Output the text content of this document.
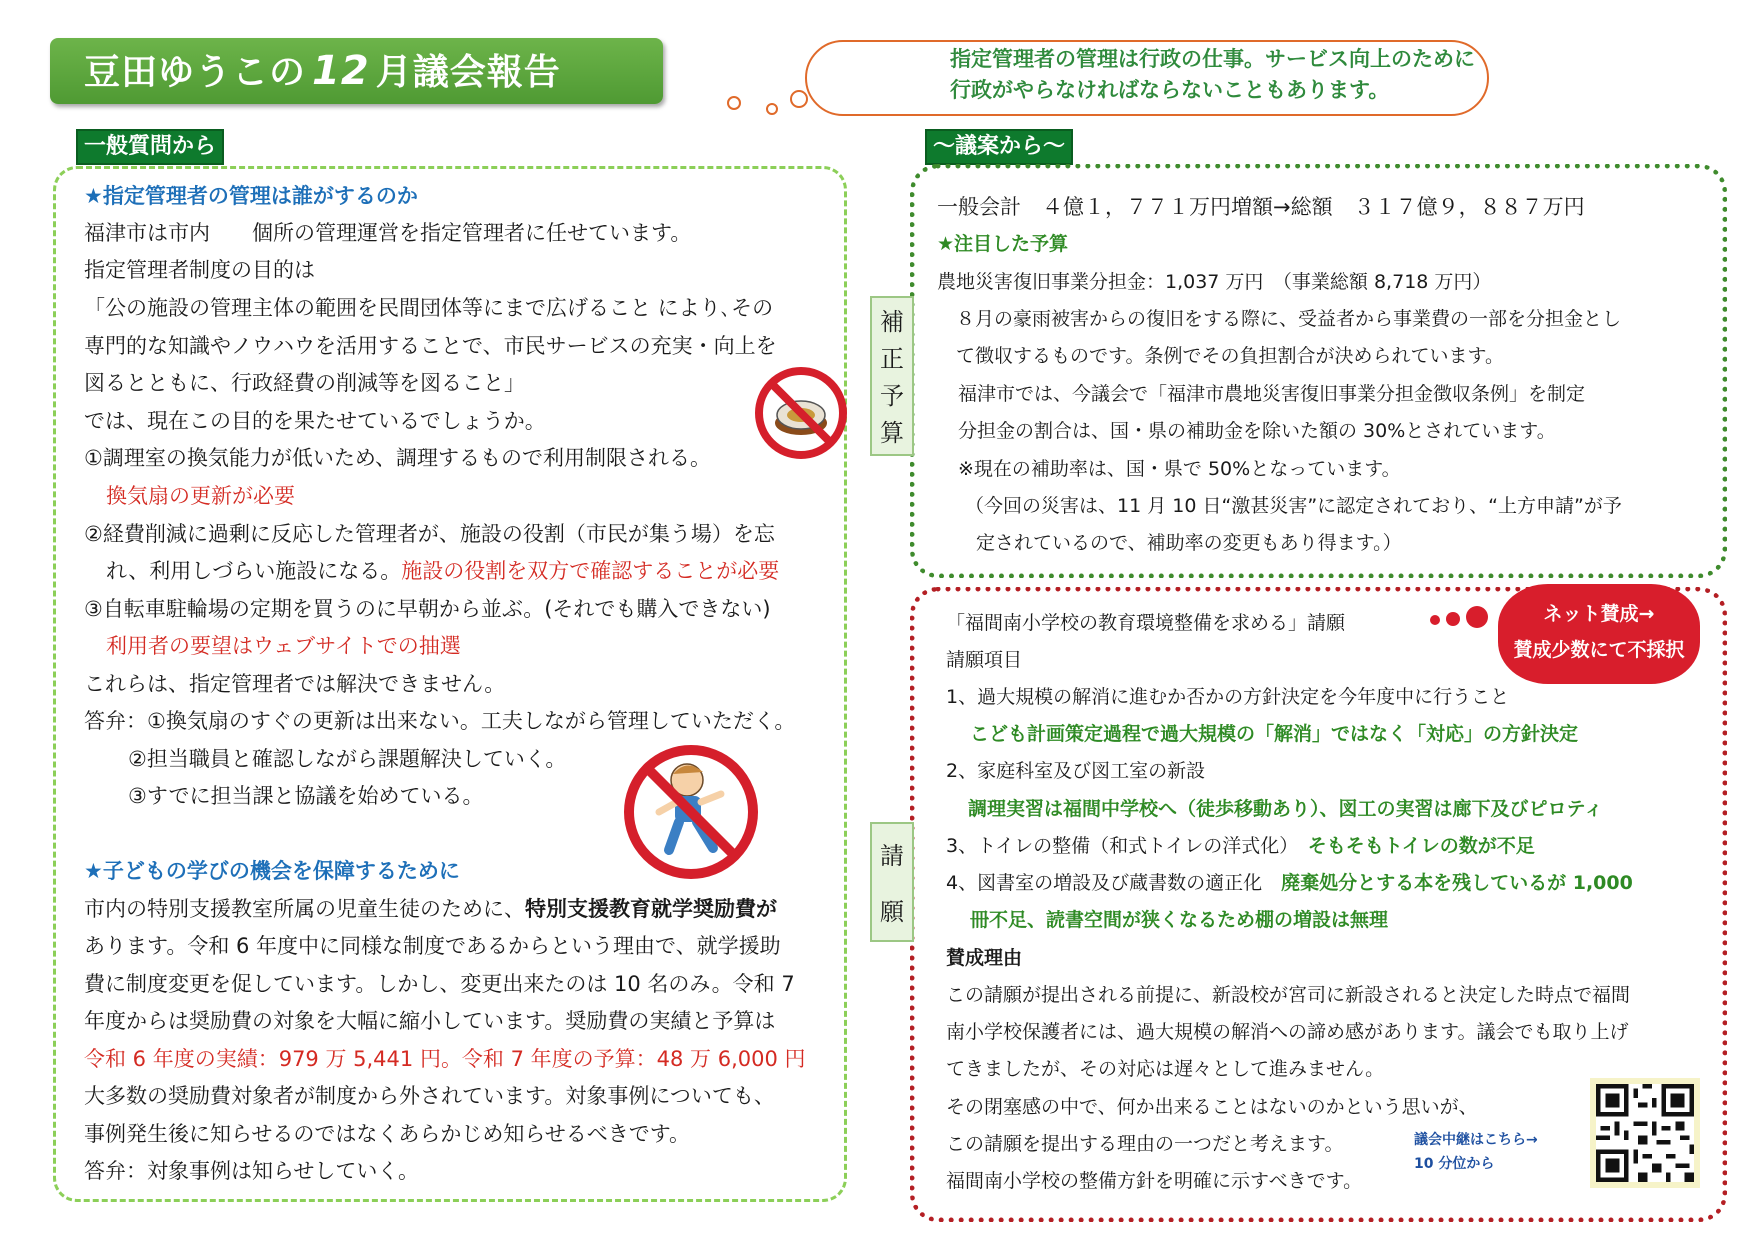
豆田ゆうこの 12 月議会報告	指定管理者の管理は行政の仕事。サービス向上のために
行政がやらなければならないこともあります。
一般質問から
★指定管理者の管理は誰がするのか
福津市は市内　　個所の管理運営を指定管理者に任せています。
指定管理者制度の目的は
「公の施設の管理主体の範囲を民間団体等にまで広げること により､その
専門的な知識やノウハウを活用することで、市民サービスの充実・向上を
図るとともに、行政経費の削減等を図ること」
では、現在この目的を果たせているでしょうか。
①調理室の換気能力が低いため、調理するもので利用制限される。
換気扇の更新が必要
②経費削減に過剰に反応した管理者が、施設の役割（市民が集う場）を忘
れ、利用しづらい施設になる。施設の役割を双方で確認することが必要
③自転車駐輪場の定期を買うのに早朝から並ぶ。(それでも購入できない)
利用者の要望はウェブサイトでの抽選
これらは、指定管理者では解決できません。
答弁：①換気扇のすぐの更新は出来ない。工夫しながら管理していただく。
②担当職員と確認しながら課題解決していく。
③すでに担当課と協議を始めている。
★子どもの学びの機会を保障するために
市内の特別支援教室所属の児童生徒のために、特別支援教育就学奨励費が
あります。令和 6 年度中に同様な制度であるからという理由で、就学援助
費に制度変更を促しています。しかし、変更出来たのは 10 名のみ。令和 7
年度からは奨励費の対象を大幅に縮小しています。奨励費の実績と予算は
令和 6 年度の実績：979 万 5,441 円。令和 7 年度の予算：48 万 6,000 円
大多数の奨励費対象者が制度から外されています。対象事例についても、
事例発生後に知らせるのではなくあらかじめ知らせるべきです。
答弁：対象事例は知らせしていく。
～議案から～
補
正
予
算
一般会計　４億１，７７１万円増額→総額　３１７億９，８８７万円
★注目した予算
農地災害復旧事業分担金：1,037 万円　（事業総額 8,718 万円）
８月の豪雨被害からの復旧をする際に、受益者から事業費の一部を分担金とし
て徴収するものです。条例でその負担割合が決められています。
福津市では、今議会で「福津市農地災害復旧事業分担金徴収条例」を制定
分担金の割合は、国・県の補助金を除いた額の 30%とされています。
※現在の補助率は、国・県で 50%となっています。
（今回の災害は、11 月 10 日“激甚災害”に認定されており、“上方申請”が予
定されているので、補助率の変更もあり得ます。）
請
願
ネット賛成→
賛成少数にて不採択
「福間南小学校の教育環境整備を求める」請願
請願項目
1、過大規模の解消に進むか否かの方針決定を今年度中に行うこと
こども計画策定過程で過大規模の「解消」ではなく「対応」の方針決定
2、家庭科室及び図工室の新設
調理実習は福間中学校へ（徒歩移動あり）、図工の実習は廊下及びピロティ
3、トイレの整備（和式トイレの洋式化）　 そもそもトイレの数が不足
4、図書室の増設及び蔵書数の適正化　 廃棄処分とする本を残しているが 1,000
冊不足、読書空間が狭くなるため棚の増設は無理
賛成理由
この請願が提出される前提に、新設校が宮司に新設されると決定した時点で福間
南小学校保護者には、過大規模の解消への諦め感があります。議会でも取り上げ
てきましたが、その対応は遅々として進みません。
その閉塞感の中で、何か出来ることはないのかという思いが、
この請願を提出する理由の一つだと考えます。
福間南小学校の整備方針を明確に示すべきです。
議会中継はこちら→
10 分位から
